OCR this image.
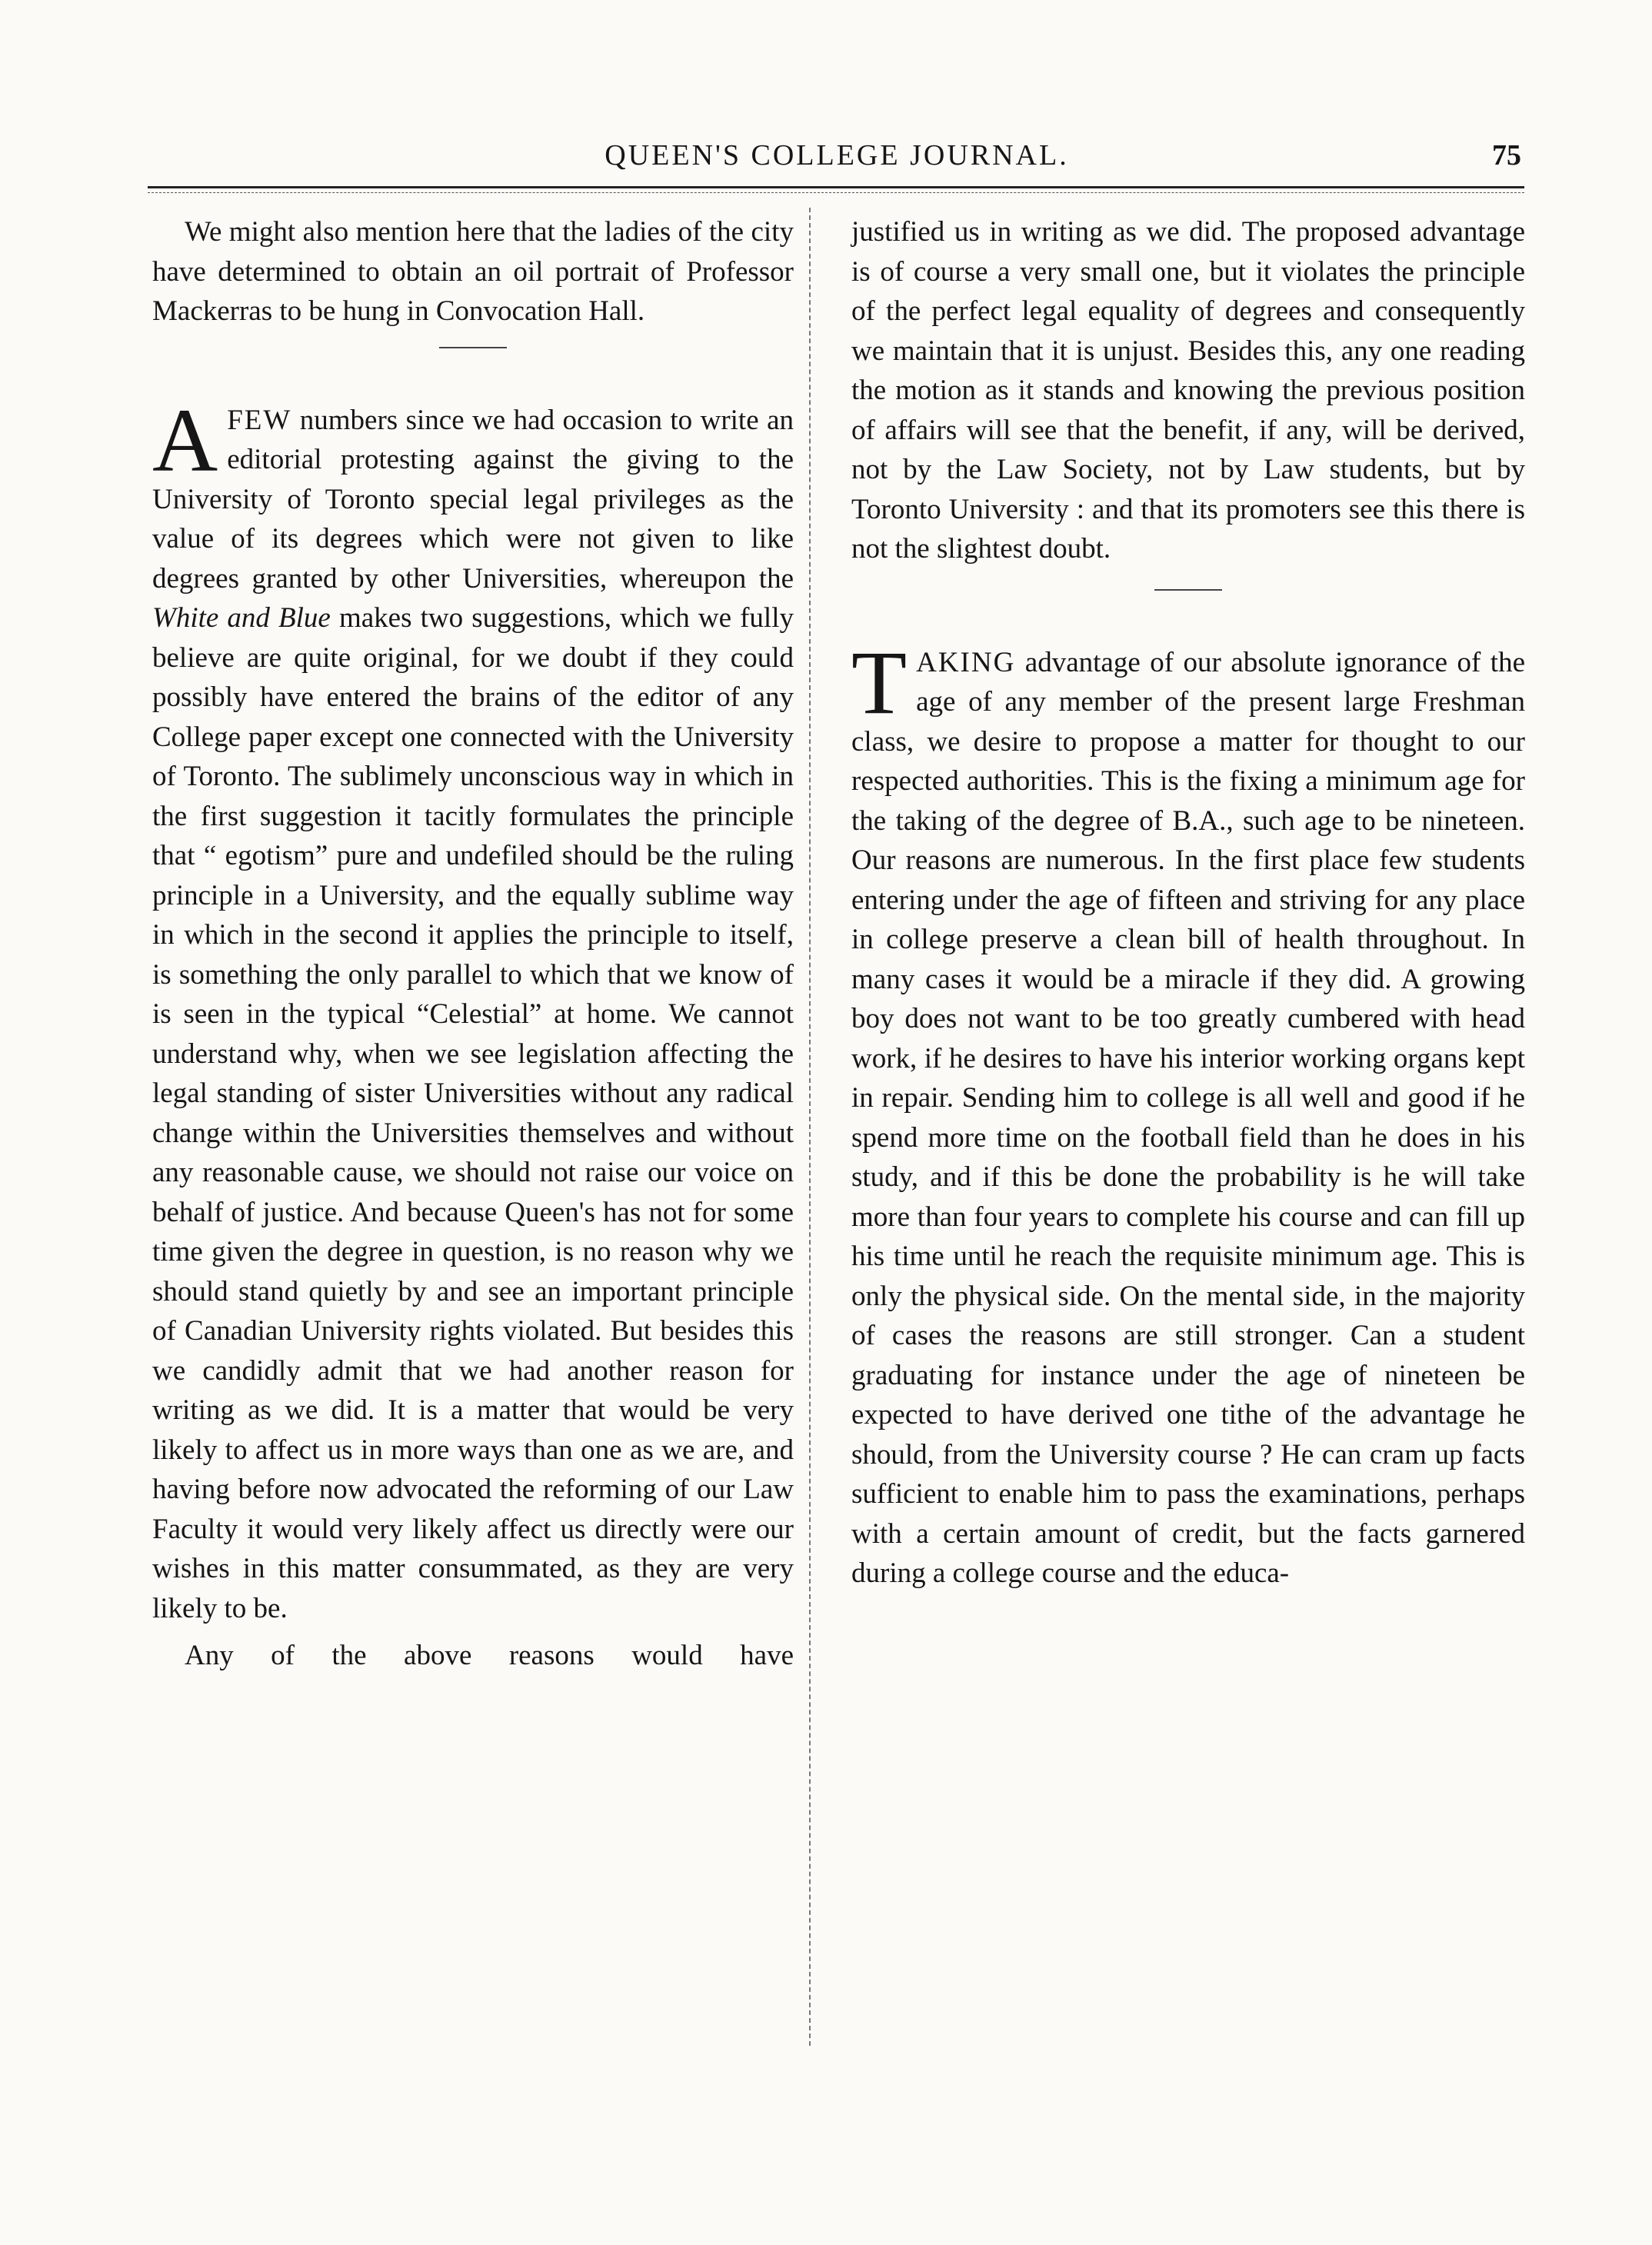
QUEEN'S COLLEGE JOURNAL.	75

We might also mention here that the ladies of the city have determined to obtain an oil portrait of Professor Mackerras to be hung in Convocation Hall.

AFEW numbers since we had occasion to write an editorial protesting against the giving to the University of Toronto special legal privileges as the value of its degrees which were not given to like degrees granted by other Universities, whereupon the White and Blue makes two suggestions, which we fully believe are quite original, for we doubt if they could possibly have entered the brains of the editor of any College paper except one connected with the University of Toronto. The sublimely unconscious way in which in the first suggestion it tacitly formulates the principle that “ egotism” pure and undefiled should be the ruling principle in a University, and the equally sublime way in which in the second it applies the principle to itself, is something the only parallel to which that we know of is seen in the typical “Celestial” at home. We cannot understand why, when we see legislation affecting the legal standing of sister Universities without any radical change within the Universities themselves and without any reasonable cause, we should not raise our voice on behalf of justice. And because Queen's has not for some time given the degree in question, is no reason why we should stand quietly by and see an important principle of Canadian University rights violated. But besides this we candidly admit that we had another reason for writing as we did. It is a matter that would be very likely to affect us in more ways than one as we are, and having before now advocated the reforming of our Law Faculty it would very likely affect us directly were our wishes in this matter consummated, as they are very likely to be.

Any of the above reasons would have

justified us in writing as we did. The proposed advantage is of course a very small one, but it violates the principle of the perfect legal equality of degrees and consequently we maintain that it is unjust. Besides this, any one reading the motion as it stands and knowing the previous position of affairs will see that the benefit, if any, will be derived, not by the Law Society, not by Law students, but by Toronto University : and that its promoters see this there is not the slightest doubt.

TAKING advantage of our absolute ignorance of the age of any member of the present large Freshman class, we desire to propose a matter for thought to our respected authorities. This is the fixing a minimum age for the taking of the degree of B.A., such age to be nineteen. Our reasons are numerous. In the first place few students entering under the age of fifteen and striving for any place in college preserve a clean bill of health throughout. In many cases it would be a miracle if they did. A growing boy does not want to be too greatly cumbered with head work, if he desires to have his interior working organs kept in repair. Sending him to college is all well and good if he spend more time on the football field than he does in his study, and if this be done the probability is he will take more than four years to complete his course and can fill up his time until he reach the requisite minimum age. This is only the physical side. On the mental side, in the majority of cases the reasons are still stronger. Can a student graduating for instance under the age of nineteen be expected to have derived one tithe of the advantage he should, from the University course ? He can cram up facts sufficient to enable him to pass the examinations, perhaps with a certain amount of credit, but the facts garnered during a college course and the educa-
